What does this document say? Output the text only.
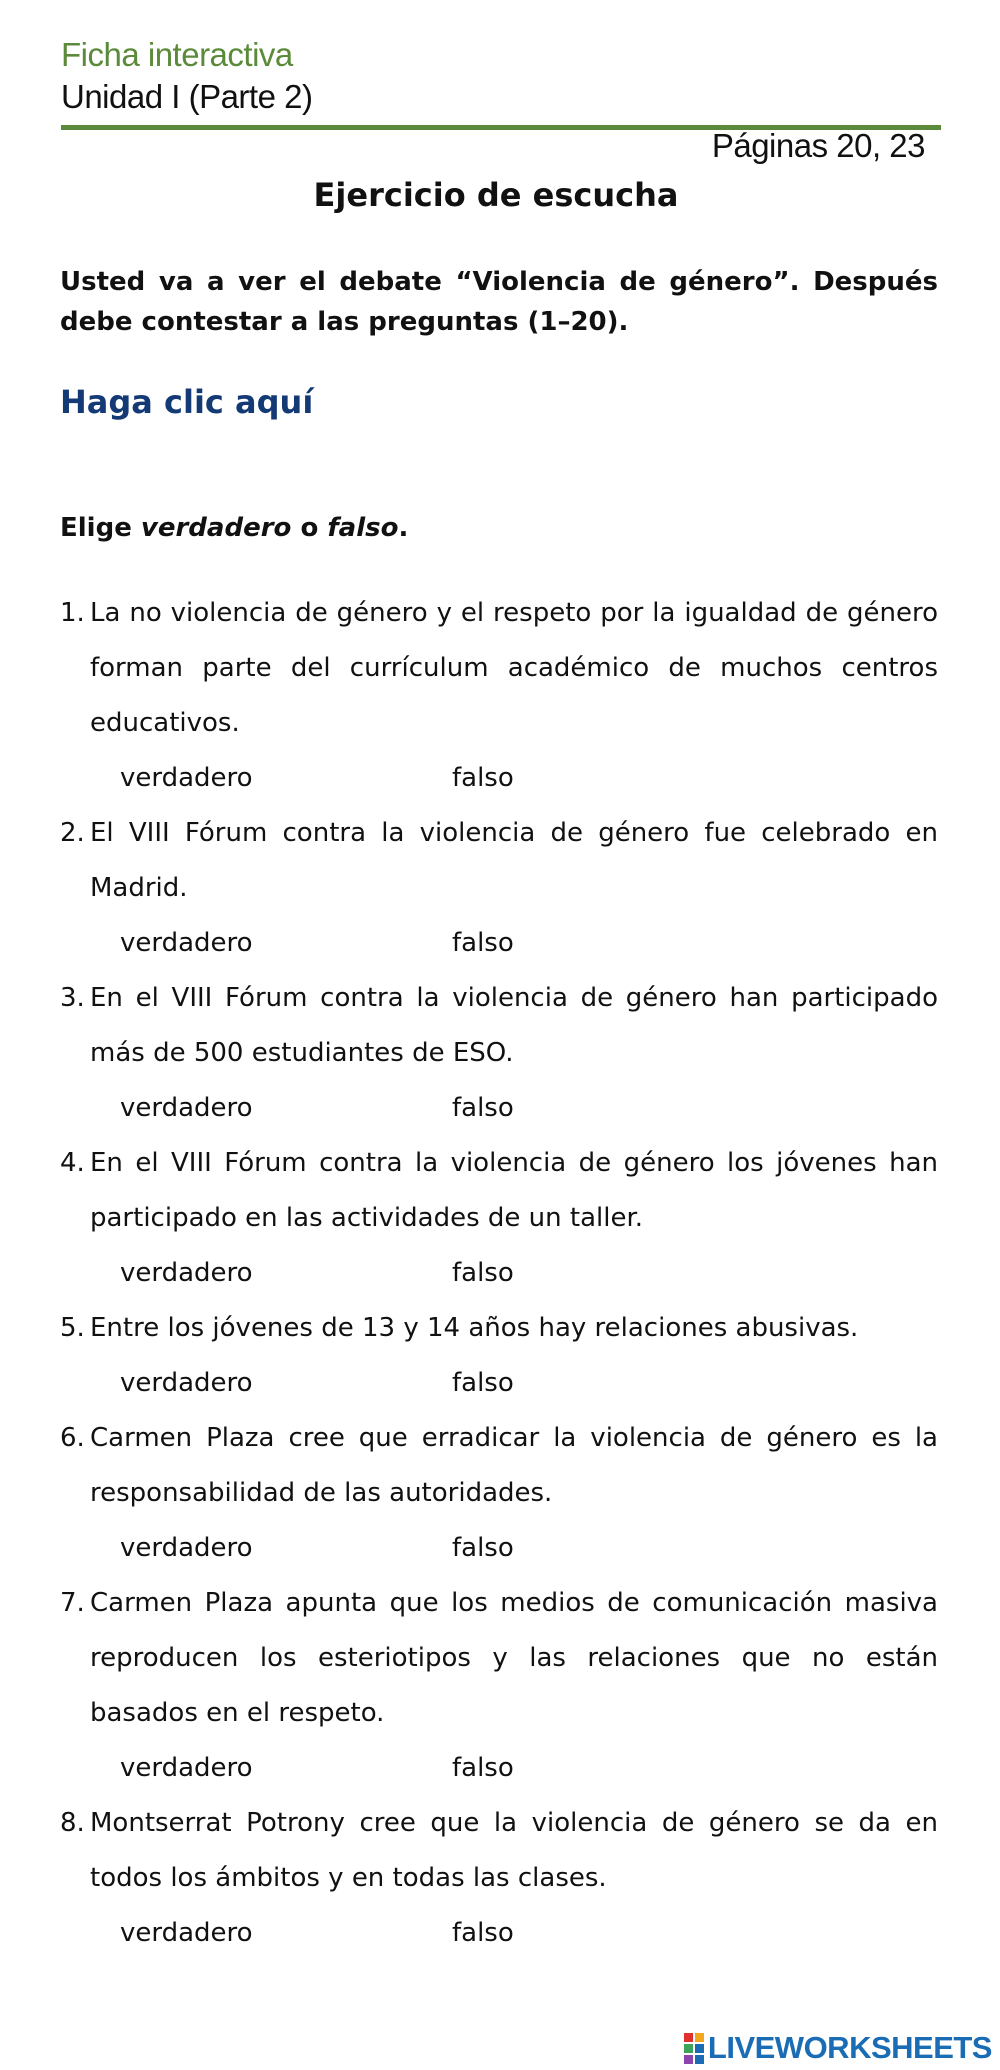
Ficha interactiva
Unidad I (Parte 2)
Páginas 20, 23
Ejercicio de escucha
Usted va a ver el debate “Violencia de género”. Después debe contestar a las preguntas (1–20).
Haga clic aquí
Elige verdadero o falso.
1. La no violencia de género y el respeto por la igualdad de género forman parte del currículum académico de muchos centros educativos.
verdadero	falso
2. El VIII Fórum contra la violencia de género fue celebrado en Madrid.
verdadero	falso
3. En el VIII Fórum contra la violencia de género han participado más de 500 estudiantes de ESO.
verdadero	falso
4. En el VIII Fórum contra la violencia de género los jóvenes han participado en las actividades de un taller.
verdadero	falso
5. Entre los jóvenes de 13 y 14 años hay relaciones abusivas.
verdadero	falso
6. Carmen Plaza cree que erradicar la violencia de género es la responsabilidad de las autoridades.
verdadero	falso
7. Carmen Plaza apunta que los medios de comunicación masiva reproducen los esteriotipos y las relaciones que no están basados en el respeto.
verdadero	falso
8. Montserrat Potrony cree que la violencia de género se da en todos los ámbitos y en todas las clases.
verdadero	falso
LIVEWORKSHEETS
